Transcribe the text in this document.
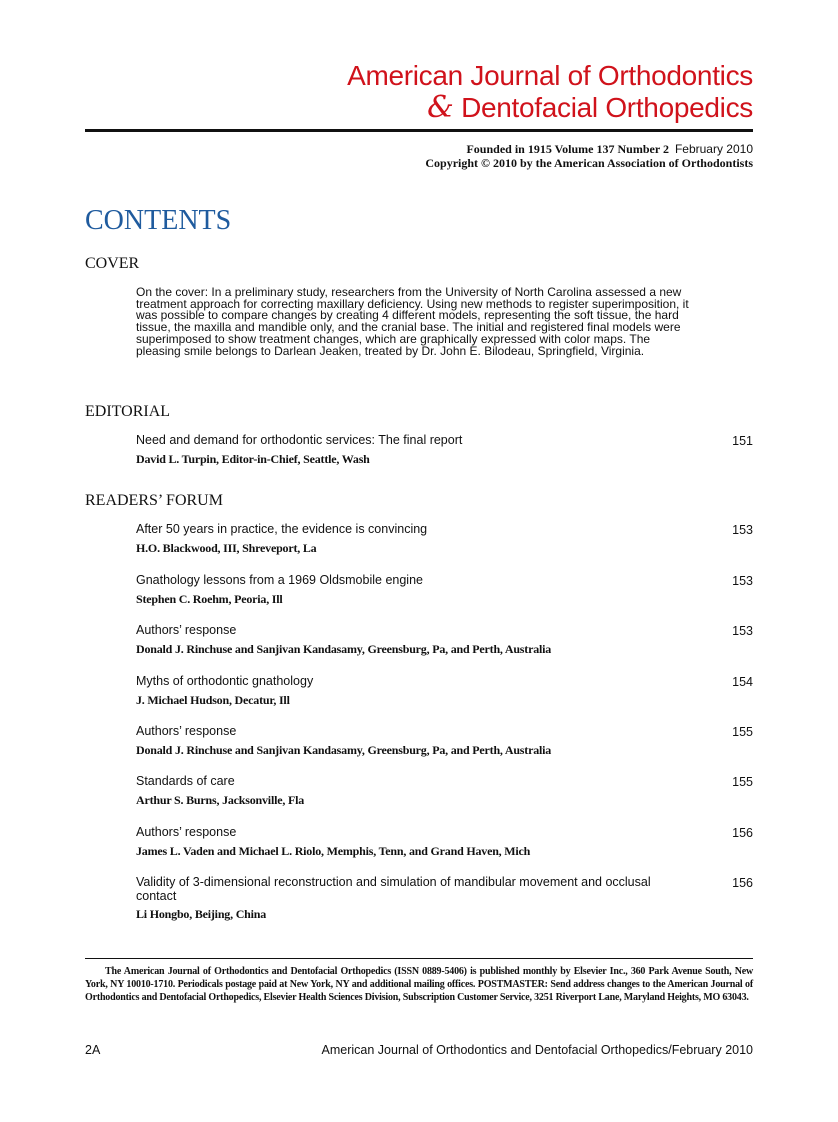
American Journal of Orthodontics
& Dentofacial Orthopedics
Founded in 1915 Volume 137 Number 2 February 2010
Copyright © 2010 by the American Association of Orthodontists
CONTENTS
COVER
On the cover: In a preliminary study, researchers from the University of North Carolina assessed a new treatment approach for correcting maxillary deficiency. Using new methods to register superimposition, it was possible to compare changes by creating 4 different models, representing the soft tissue, the hard tissue, the maxilla and mandible only, and the cranial base. The initial and registered final models were superimposed to show treatment changes, which are graphically expressed with color maps. The pleasing smile belongs to Darlean Jeaken, treated by Dr. John E. Bilodeau, Springfield, Virginia.
EDITORIAL
Need and demand for orthodontic services: The final report
David L. Turpin, Editor-in-Chief, Seattle, Wash
151
READERS’ FORUM
After 50 years in practice, the evidence is convincing
H.O. Blackwood, III, Shreveport, La
153
Gnathology lessons from a 1969 Oldsmobile engine
Stephen C. Roehm, Peoria, Ill
153
Authors’ response
Donald J. Rinchuse and Sanjivan Kandasamy, Greensburg, Pa, and Perth, Australia
153
Myths of orthodontic gnathology
J. Michael Hudson, Decatur, Ill
154
Authors’ response
Donald J. Rinchuse and Sanjivan Kandasamy, Greensburg, Pa, and Perth, Australia
155
Standards of care
Arthur S. Burns, Jacksonville, Fla
155
Authors’ response
James L. Vaden and Michael L. Riolo, Memphis, Tenn, and Grand Haven, Mich
156
Validity of 3-dimensional reconstruction and simulation of mandibular movement and occlusal contact
Li Hongbo, Beijing, China
156
The American Journal of Orthodontics and Dentofacial Orthopedics (ISSN 0889-5406) is published monthly by Elsevier Inc., 360 Park Avenue South, New York, NY 10010-1710. Periodicals postage paid at New York, NY and additional mailing offices. POSTMASTER: Send address changes to the American Journal of Orthodontics and Dentofacial Orthopedics, Elsevier Health Sciences Division, Subscription Customer Service, 3251 Riverport Lane, Maryland Heights, MO 63043.
2A	American Journal of Orthodontics and Dentofacial Orthopedics/February 2010
